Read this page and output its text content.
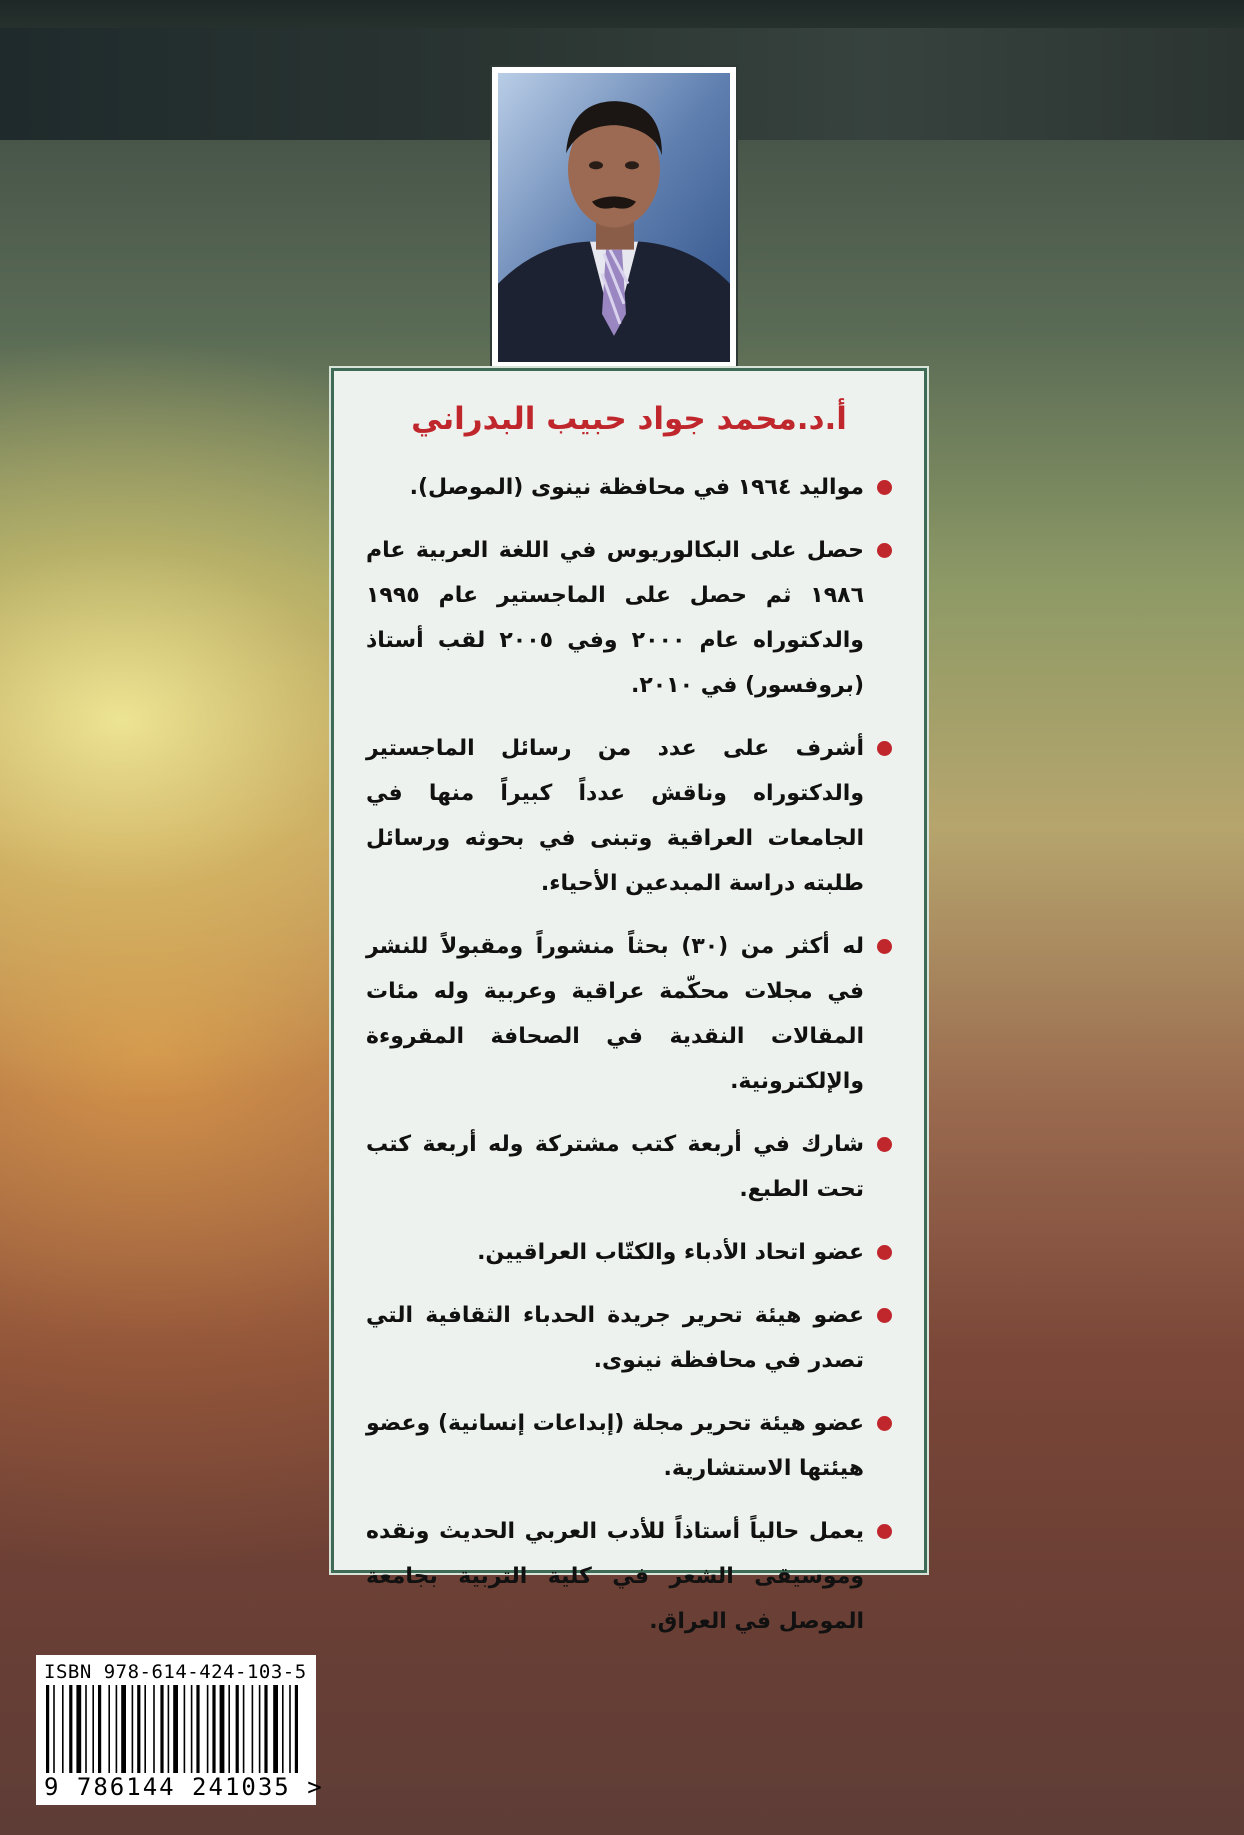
أ.د.محمد جواد حبيب البدراني
مواليد ١٩٦٤ في محافظة نينوى (الموصل).
حصل على البكالوريوس في اللغة العربية عام ١٩٨٦ ثم حصل على الماجستير عام ١٩٩٥ والدكتوراه عام ٢٠٠٠ وفي ٢٠٠٥ لقب أستاذ (بروفسور) في ٢٠١٠.
أشرف على عدد من رسائل الماجستير والدكتوراه وناقش عدداً كبيراً منها في الجامعات العراقية وتبنى في بحوثه ورسائل طلبته دراسة المبدعين الأحياء.
له أكثر من (٣٠) بحثاً منشوراً ومقبولاً للنشر في مجلات محكّمة عراقية وعربية وله مئات المقالات النقدية في الصحافة المقروءة والإلكترونية.
شارك في أربعة كتب مشتركة وله أربعة كتب تحت الطبع.
عضو اتحاد الأدباء والكتّاب العراقيين.
عضو هيئة تحرير جريدة الحدباء الثقافية التي تصدر في محافظة نينوى.
عضو هيئة تحرير مجلة (إبداعات إنسانية) وعضو هيئتها الاستشارية.
يعمل حالياً أستاذاً للأدب العربي الحديث ونقده وموسيقى الشعر في كلية التربية بجامعة الموصل في العراق.
ISBN 978-614-424-103-5
9 786144 241035 >
